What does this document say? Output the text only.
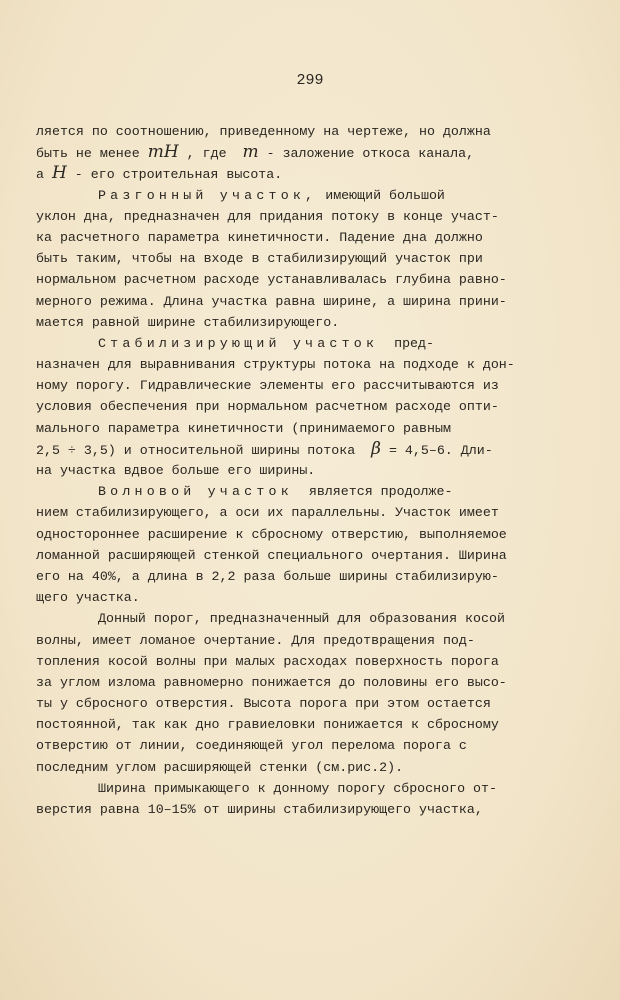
299
ляется по соотношению, приведенному на чертеже, но должна
быть не менее mH , где  m - заложение откоса канала,
а H - его строительная высота.
Разгонный участок, имеющий большой
уклон дна, предназначен для придания потоку в конце участ-
ка расчетного параметра кинетичности. Падение дна должно
быть таким, чтобы на входе в стабилизирующий участок при
нормальном расчетном расходе устанавливалась глубина равно-
мерного режима. Длина участка равна ширине, а ширина прини-
мается равной ширине стабилизирующего.
Стабилизирующий участок  пред-
назначен для выравнивания структуры потока на подходе к дон-
ному порогу. Гидравлические элементы его рассчитываются из
условия обеспечения при нормальном расчетном расходе опти-
мального параметра кинетичности (принимаемого равным
2,5 ÷ 3,5) и относительной ширины потока  β = 4,5–6. Дли-
на участка вдвое больше его ширины.
Волновой участок  является продолже-
нием стабилизирующего, а оси их параллельны. Участок имеет
одностороннее расширение к сбросному отверстию, выполняемое
ломанной расширяющей стенкой специального очертания. Ширина
его на 40%, а длина в 2,2 раза больше ширины стабилизирую-
щего участка.
Донный порог, предназначенный для образования косой
волны, имеет ломаное очертание. Для предотвращения под-
топления косой волны при малых расходах поверхность порога
за углом излома равномерно понижается до половины его высо-
ты у сбросного отверстия. Высота порога при этом остается
постоянной, так как дно гравиеловки понижается к сбросному
отверстию от линии, соединяющей угол перелома порога с
последним углом расширяющей стенки (см.рис.2).
Ширина примыкающего к донному порогу сбросного от-
верстия равна 10–15% от ширины стабилизирующего участка,
